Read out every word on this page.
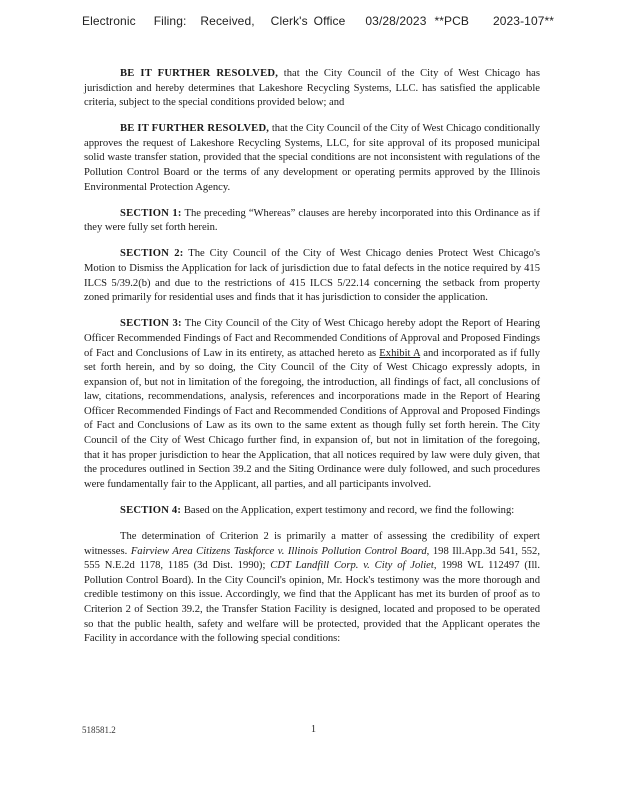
Electronic Filing: Received, Clerk's Office 03/28/2023 **PCB 2023-107**

BE IT FURTHER RESOLVED, that the City Council of the City of West Chicago has jurisdiction and hereby determines that Lakeshore Recycling Systems, LLC. has satisfied the applicable criteria, subject to the special conditions provided below; and

BE IT FURTHER RESOLVED, that the City Council of the City of West Chicago conditionally approves the request of Lakeshore Recycling Systems, LLC, for site approval of its proposed municipal solid waste transfer station, provided that the special conditions are not inconsistent with regulations of the Pollution Control Board or the terms of any development or operating permits approved by the Illinois Environmental Protection Agency.

SECTION 1: The preceding “Whereas” clauses are hereby incorporated into this Ordinance as if they were fully set forth herein.

SECTION 2: The City Council of the City of West Chicago denies Protect West Chicago's Motion to Dismiss the Application for lack of jurisdiction due to fatal defects in the notice required by 415 ILCS 5/39.2(b) and due to the restrictions of 415 ILCS 5/22.14 concerning the setback from property zoned primarily for residential uses and finds that it has jurisdiction to consider the application.

SECTION 3: The City Council of the City of West Chicago hereby adopt the Report of Hearing Officer Recommended Findings of Fact and Recommended Conditions of Approval and Proposed Findings of Fact and Conclusions of Law in its entirety, as attached hereto as Exhibit A and incorporated as if fully set forth herein, and by so doing, the City Council of the City of West Chicago expressly adopts, in expansion of, but not in limitation of the foregoing, the introduction, all findings of fact, all conclusions of law, citations, recommendations, analysis, references and incorporations made in the Report of Hearing Officer Recommended Findings of Fact and Recommended Conditions of Approval and Proposed Findings of Fact and Conclusions of Law as its own to the same extent as though fully set forth herein. The City Council of the City of West Chicago further find, in expansion of, but not in limitation of the foregoing, that it has proper jurisdiction to hear the Application, that all notices required by law were duly given, that the procedures outlined in Section 39.2 and the Siting Ordinance were duly followed, and such procedures were fundamentally fair to the Applicant, all parties, and all participants involved.

SECTION 4: Based on the Application, expert testimony and record, we find the following:

The determination of Criterion 2 is primarily a matter of assessing the credibility of expert witnesses. Fairview Area Citizens Taskforce v. Illinois Pollution Control Board, 198 Ill.App.3d 541, 552, 555 N.E.2d 1178, 1185 (3d Dist. 1990); CDT Landfill Corp. v. City of Joliet, 1998 WL 112497 (Ill. Pollution Control Board). In the City Council's opinion, Mr. Hock's testimony was the more thorough and credible testimony on this issue. Accordingly, we find that the Applicant has met its burden of proof as to Criterion 2 of Section 39.2, the Transfer Station Facility is designed, located and proposed to be operated so that the public health, safety and welfare will be protected, provided that the Applicant operates the Facility in accordance with the following special conditions:

518581.2	1
